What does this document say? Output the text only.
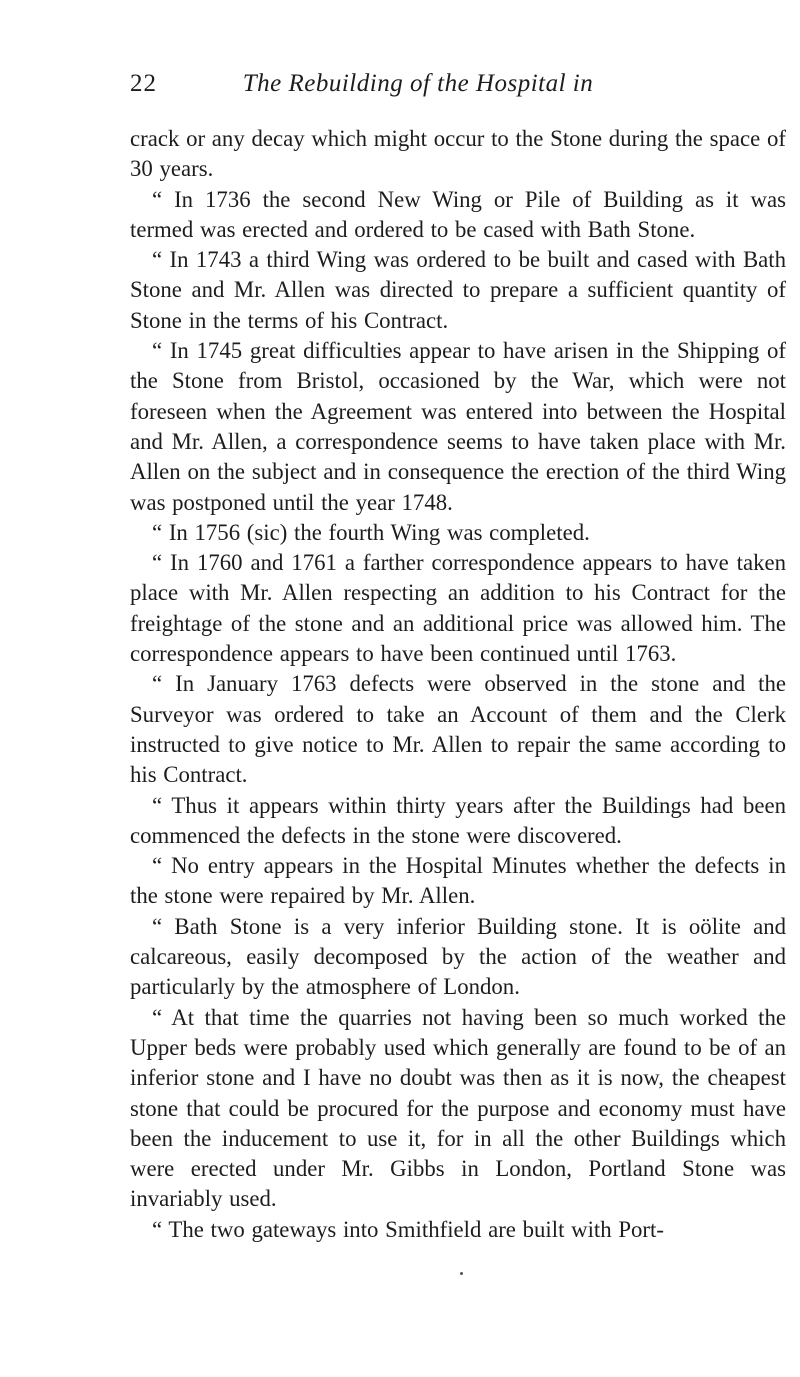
22	The Rebuilding of the Hospital in

crack or any decay which might occur to the Stone during the space of 30 years.

“ In 1736 the second New Wing or Pile of Building as it was termed was erected and ordered to be cased with Bath Stone.

“ In 1743 a third Wing was ordered to be built and cased with Bath Stone and Mr. Allen was directed to prepare a sufficient quantity of Stone in the terms of his Contract.

“ In 1745 great difficulties appear to have arisen in the Shipping of the Stone from Bristol, occasioned by the War, which were not foreseen when the Agreement was entered into between the Hospital and Mr. Allen, a correspondence seems to have taken place with Mr. Allen on the subject and in consequence the erection of the third Wing was postponed until the year 1748.

“ In 1756 (sic) the fourth Wing was completed.

“ In 1760 and 1761 a farther correspondence appears to have taken place with Mr. Allen respecting an addition to his Contract for the freightage of the stone and an additional price was allowed him. The correspondence appears to have been continued until 1763.

“ In January 1763 defects were observed in the stone and the Surveyor was ordered to take an Account of them and the Clerk instructed to give notice to Mr. Allen to repair the same according to his Contract.

“ Thus it appears within thirty years after the Buildings had been commenced the defects in the stone were discovered.

“ No entry appears in the Hospital Minutes whether the defects in the stone were repaired by Mr. Allen.

“ Bath Stone is a very inferior Building stone. It is oölite and calcareous, easily decomposed by the action of the weather and particularly by the atmosphere of London.

“ At that time the quarries not having been so much worked the Upper beds were probably used which generally are found to be of an inferior stone and I have no doubt was then as it is now, the cheapest stone that could be procured for the purpose and economy must have been the inducement to use it, for in all the other Buildings which were erected under Mr. Gibbs in London, Portland Stone was invariably used.

“ The two gateways into Smithfield are built with Port-
